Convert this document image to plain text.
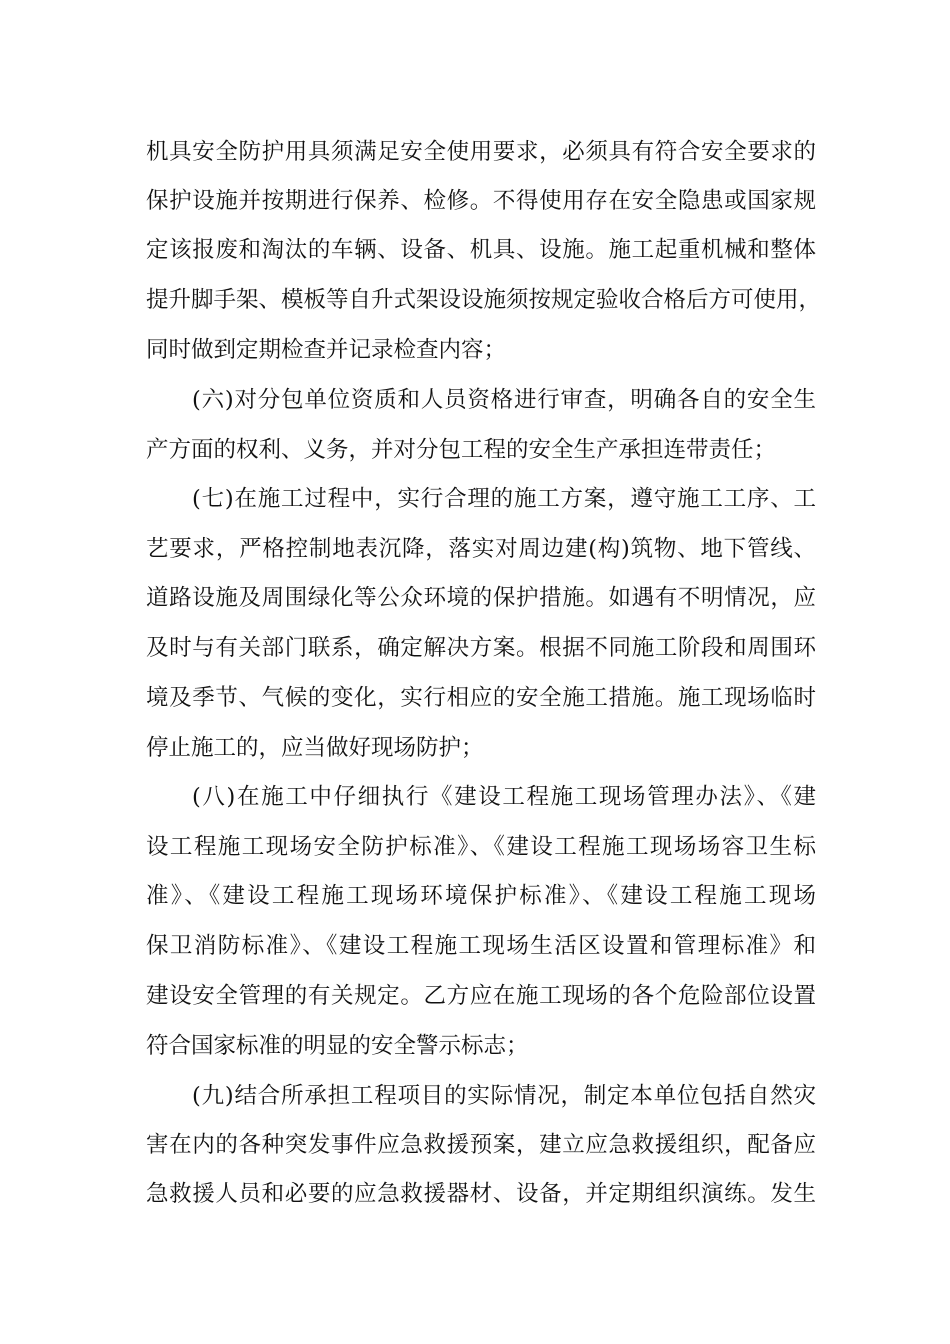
机具安全防护用具须满足安全使用要求，必须具有符合安全要求的
保护设施并按期进行保养、检修。不得使用存在安全隐患或国家规
定该报废和淘汰的车辆、设备、机具、设施。施工起重机械和整体
提升脚手架、模板等自升式架设设施须按规定验收合格后方可使用，
同时做到定期检查并记录检查内容；
(六)对分包单位资质和人员资格进行审查，明确各自的安全生
产方面的权利、义务，并对分包工程的安全生产承担连带责任；
(七)在施工过程中，实行合理的施工方案，遵守施工工序、工
艺要求，严格控制地表沉降，落实对周边建(构)筑物、地下管线、
道路设施及周围绿化等公众环境的保护措施。如遇有不明情况，应
及时与有关部门联系，确定解决方案。根据不同施工阶段和周围环
境及季节、气候的变化，实行相应的安全施工措施。施工现场临时
停止施工的，应当做好现场防护；
(八)在施工中仔细执行《建设工程施工现场管理办法》、《建
设工程施工现场安全防护标准》、《建设工程施工现场场容卫生标
准》、《建设工程施工现场环境保护标准》、《建设工程施工现场
保卫消防标准》、《建设工程施工现场生活区设置和管理标准》和
建设安全管理的有关规定。乙方应在施工现场的各个危险部位设置
符合国家标准的明显的安全警示标志；
(九)结合所承担工程项目的实际情况，制定本单位包括自然灾
害在内的各种突发事件应急救援预案，建立应急救援组织，配备应
急救援人员和必要的应急救援器材、设备，并定期组织演练。发生
